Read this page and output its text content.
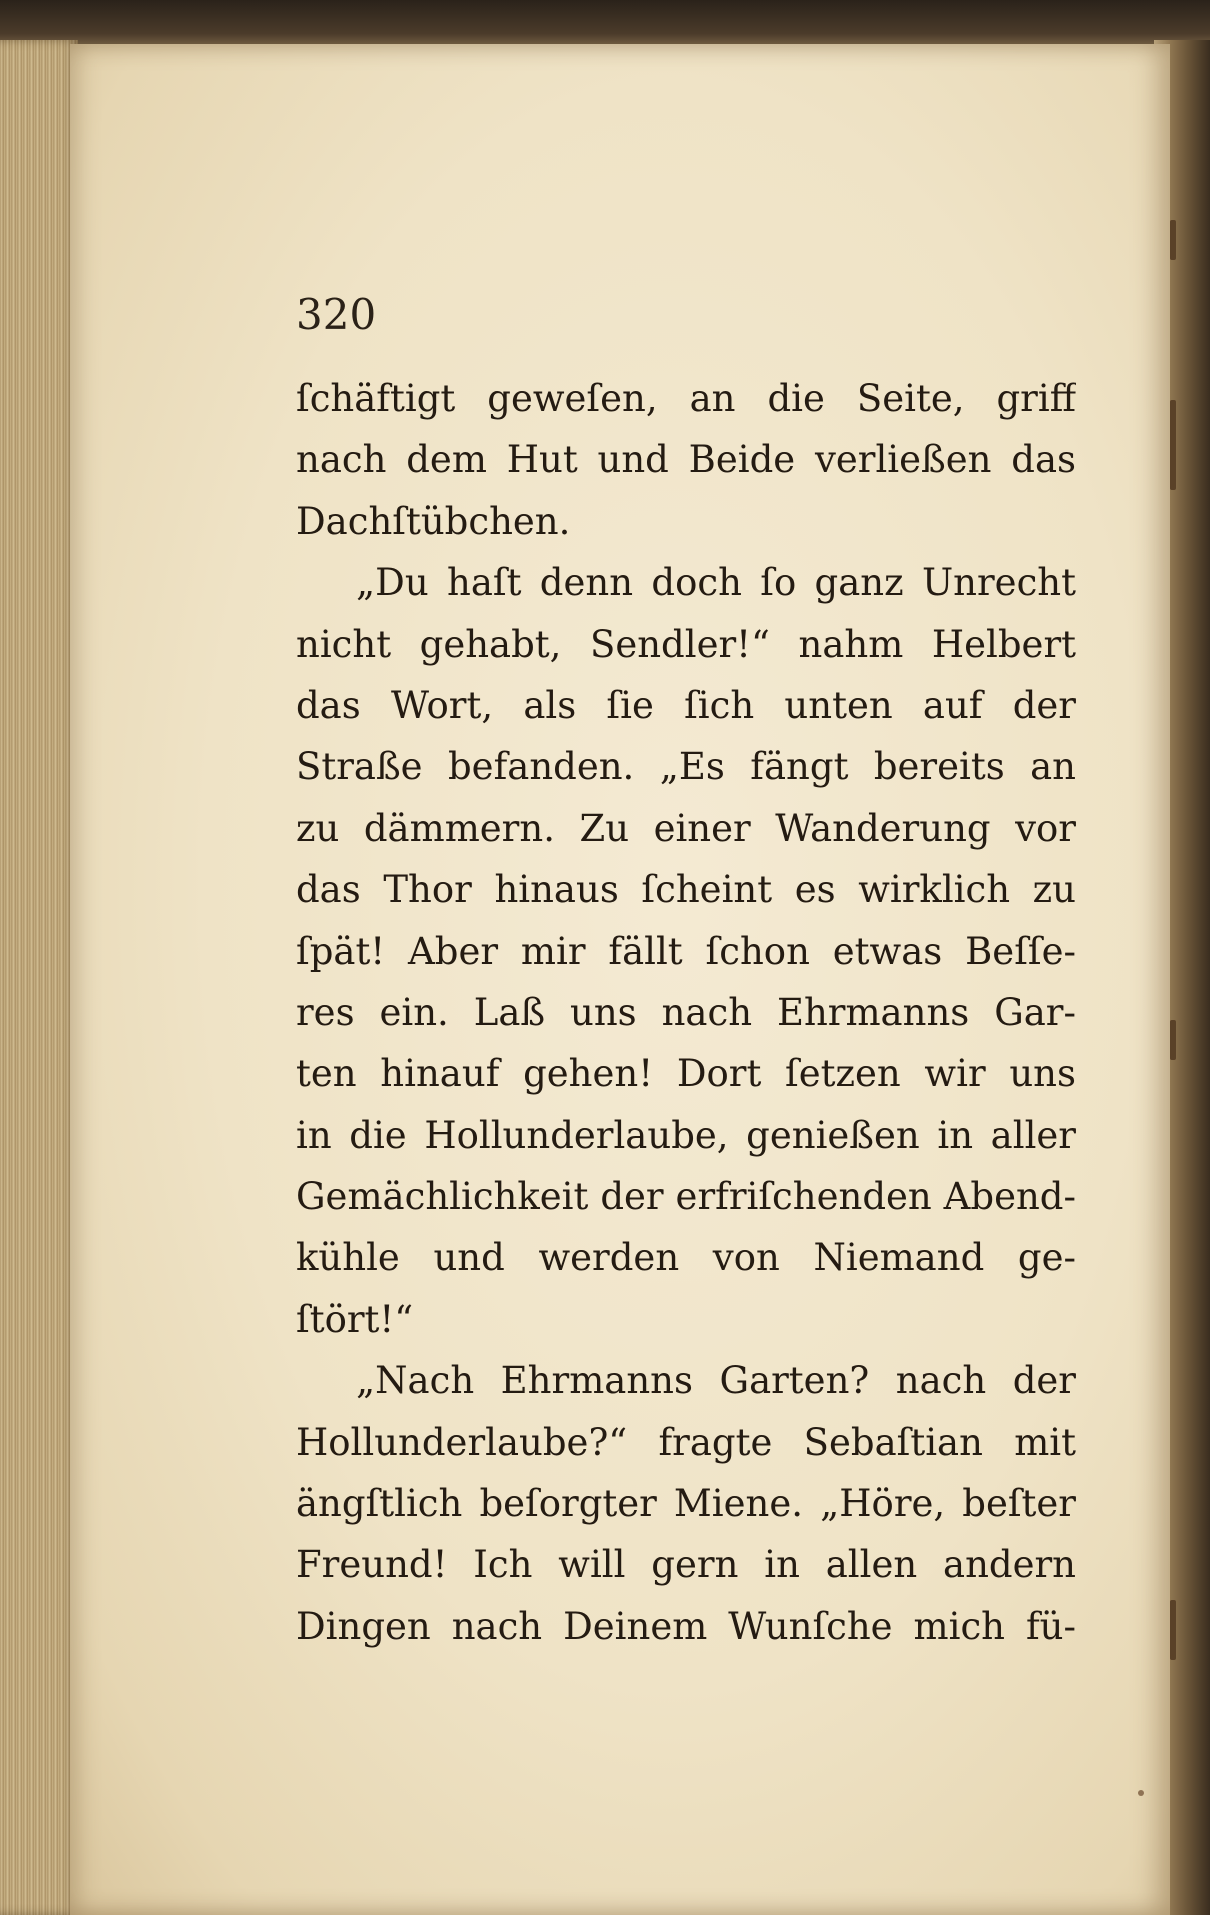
320
ſchäftigt geweſen, an die Seite, griff
nach dem Hut und Beide verließen das
Dachſtübchen.
„Du haſt denn doch ſo ganz Unrecht
nicht gehabt, Sendler!“ nahm Helbert
das Wort, als ſie ſich unten auf der
Straße befanden. „Es fängt bereits an
zu dämmern. Zu einer Wanderung vor
das Thor hinaus ſcheint es wirklich zu
ſpät! Aber mir fällt ſchon etwas Beſſe-
res ein. Laß uns nach Ehrmanns Gar-
ten hinauf gehen! Dort ſetzen wir uns
in die Hollunderlaube, genießen in aller
Gemächlichkeit der erfriſchenden Abend-
kühle und werden von Niemand ge-
ſtört!“
„Nach Ehrmanns Garten? nach der
Hollunderlaube?“ fragte Sebaſtian mit
ängſtlich beſorgter Miene. „Höre, beſter
Freund! Ich will gern in allen andern
Dingen nach Deinem Wunſche mich fü-
